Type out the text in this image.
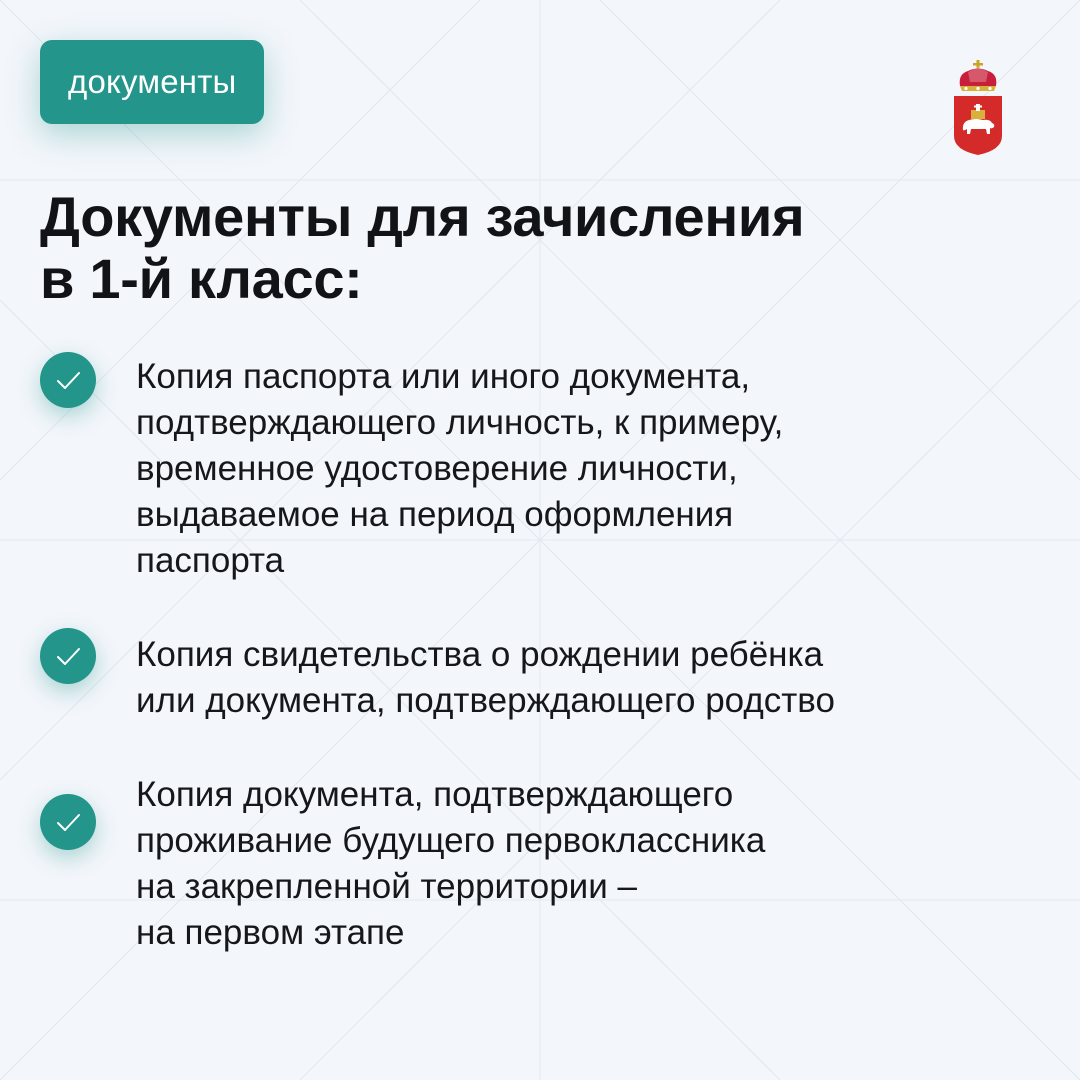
документы
Документы для зачисления
в 1-й класс:
Копия паспорта или иного документа,
подтверждающего личность, к примеру,
временное удостоверение личности,
выдаваемое на период оформления
паспорта
Копия свидетельства о рождении ребёнка
или документа, подтверждающего родство
Копия документа, подтверждающего
проживание будущего первоклассника
на закрепленной территории –
на первом этапе
